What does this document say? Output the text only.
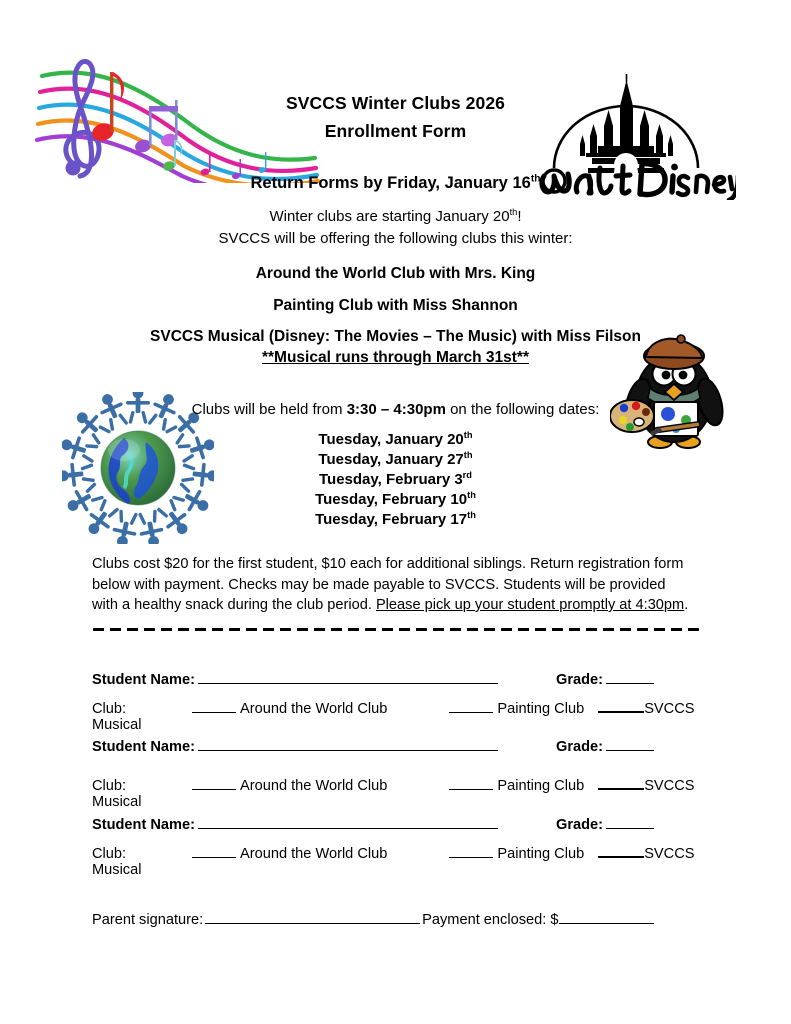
SVCCS Winter Clubs 2026
Enrollment Form
Return Forms by Friday, January 16th
Winter clubs are starting January 20th!
SVCCS will be offering the following clubs this winter:
Around the World Club with Mrs. King
Painting Club with Miss Shannon
SVCCS Musical (Disney: The Movies – The Music) with Miss Filson
**Musical runs through March 31st**
Clubs will be held from 3:30 – 4:30pm on the following dates:
Tuesday, January 20th
Tuesday, January 27th
Tuesday, February 3rd
Tuesday, February 10th
Tuesday, February 17th
Clubs cost $20 for the first student, $10 each for additional siblings. Return registration form below with payment. Checks may be made payable to SVCCS. Students will be provided with a healthy snack during the club period. Please pick up your student promptly at 4:30pm.
Student Name:	Grade:
Club:	Around the World Club	Painting Club	SVCCS Musical
Student Name:	Grade:
Club:	Around the World Club	Painting Club	SVCCS Musical
Student Name:	Grade:
Club:	Around the World Club	Painting Club	SVCCS Musical
Parent signature:	Payment enclosed: $
